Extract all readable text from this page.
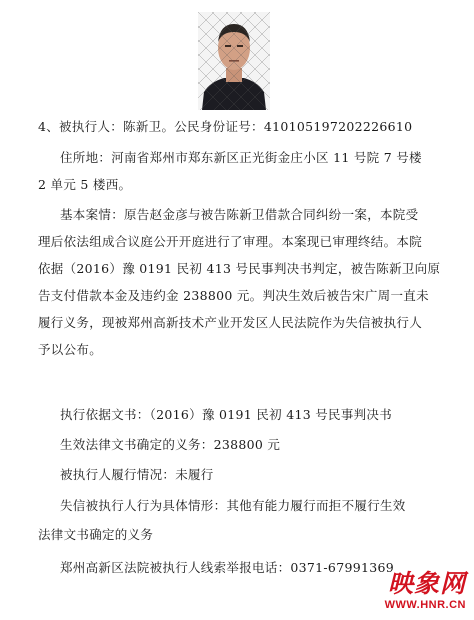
4、被执行人：陈新卫。公民身份证号：410105197202226610
住所地：河南省郑州市郑东新区正光街金庄小区 11 号院 7 号楼
2 单元 5 楼西。
基本案情：原告赵金彦与被告陈新卫借款合同纠纷一案，本院受
理后依法组成合议庭公开开庭进行了审理。本案现已审理终结。本院
依据（2016）豫 0191 民初 413 号民事判决书判定，被告陈新卫向原
告支付借款本金及违约金 238800 元。判决生效后被告宋广周一直未
履行义务，现被郑州高新技术产业开发区人民法院作为失信被执行人
予以公布。
执行依据文书：（2016）豫 0191 民初 413 号民事判决书
生效法律文书确定的义务：238800 元
被执行人履行情况：未履行
失信被执行人行为具体情形：其他有能力履行而拒不履行生效
法律文书确定的义务
郑州高新区法院被执行人线索举报电话：0371-67991369
映象网
WWW.HNR.CN
